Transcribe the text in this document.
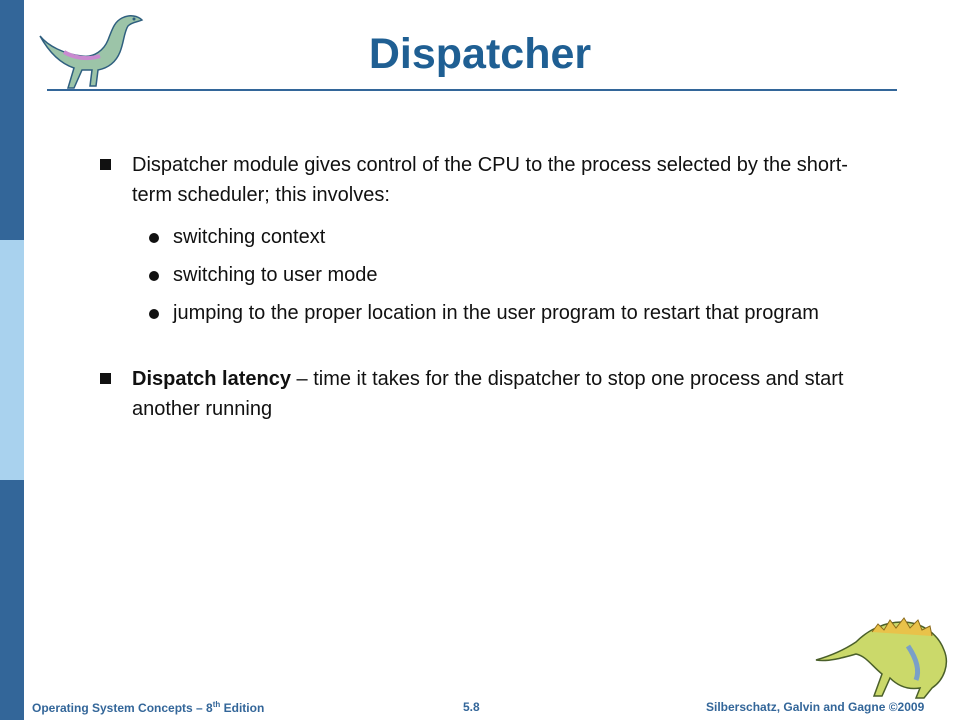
Dispatcher
Dispatcher module gives control of the CPU to the process selected by the short-term scheduler; this involves:
switching context
switching to user mode
jumping to the proper location in the user program to restart that program
Dispatch latency – time it takes for the dispatcher to stop one process and start another running
Operating System Concepts – 8th Edition	5.8	Silberschatz, Galvin and Gagne ©2009
